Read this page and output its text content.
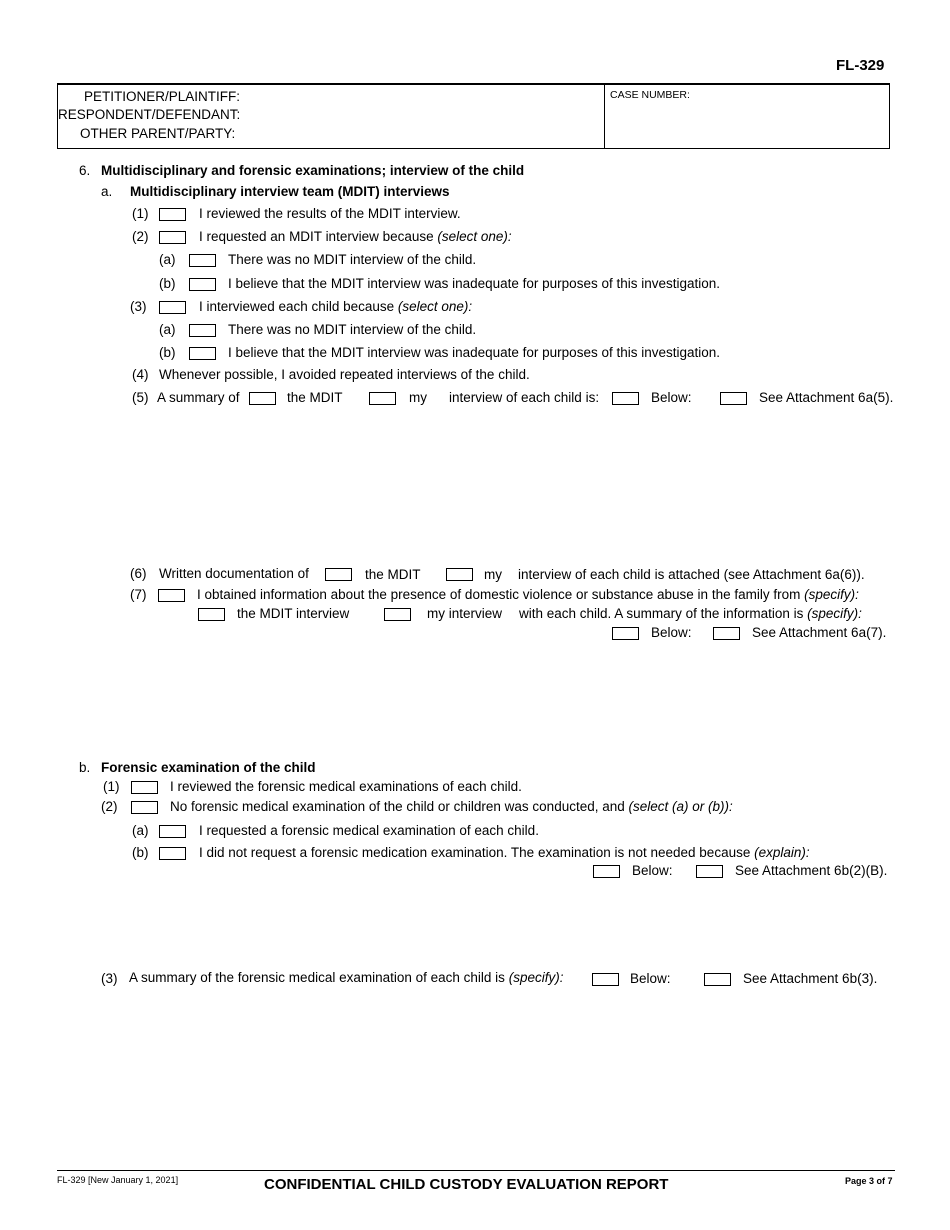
FL-329
PETITIONER/PLAINTIFF:
RESPONDENT/DEFENDANT:
OTHER PARENT/PARTY:
CASE NUMBER:
6. Multidisciplinary and forensic examinations; interview of the child
a. Multidisciplinary interview team (MDIT) interviews
(1)	I reviewed the results of the MDIT interview.
(2)	I requested an MDIT interview because (select one):
(a)	There was no MDIT interview of the child.
(b)	I believe that the MDIT interview was inadequate for purposes of this investigation.
(3)	I interviewed each child because (select one):
(a)	There was no MDIT interview of the child.
(b)	I believe that the MDIT interview was inadequate for purposes of this investigation.
(4) Whenever possible, I avoided repeated interviews of the child.
(5) A summary of	the MDIT	my interview of each child is:	Below:	See Attachment 6a(5).
(6) Written documentation of	the MDIT	my interview of each child is attached (see Attachment 6a(6)).
(7)	I obtained information about the presence of domestic violence or substance abuse in the family from (specify):
the MDIT interview	my interview with each child. A summary of the information is (specify):
Below:	See Attachment 6a(7).
b. Forensic examination of the child
(1)	I reviewed the forensic medical examinations of each child.
(2)	No forensic medical examination of the child or children was conducted, and (select (a) or (b)):
(a)	I requested a forensic medical examination of each child.
(b)	I did not request a forensic medication examination. The examination is not needed because (explain):
Below:	See Attachment 6b(2)(B).
(3) A summary of the forensic medical examination of each child is (specify):	Below:	See Attachment 6b(3).
FL-329 [New January 1, 2021]	CONFIDENTIAL CHILD CUSTODY EVALUATION REPORT	Page 3 of 7
